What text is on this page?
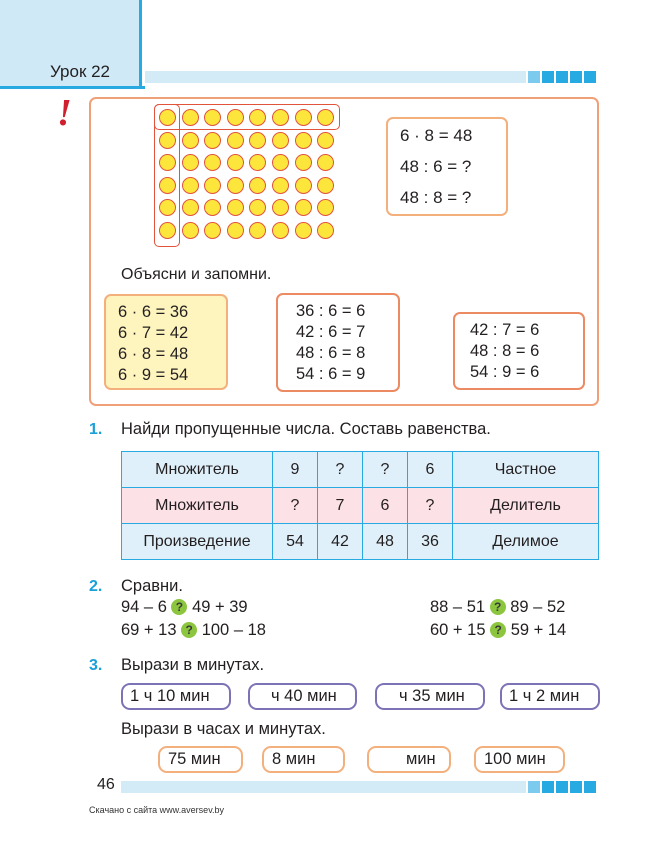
Урок 22
!
6 · 8 = 48
48 : 6 = ?
48 : 8 = ?
Объясни и запомни.
6 · 6 = 36
6 · 7 = 42
6 · 8 = 48
6 · 9 = 54
36 : 6 = 6
42 : 6 = 7
48 : 6 = 8
54 : 6 = 9
42 : 7 = 6
48 : 8 = 6
54 : 9 = 6
1. Найди пропущенные числа. Составь равенства.
Множитель	9	?	?	6	Частное
Множитель	?	7	6	?	Делитель
Произведение	54	42	48	36	Делимое
2. Сравни.
94 – 6 ? 49 + 39
69 + 13 ? 100 – 18
88 – 51 ? 89 – 52
60 + 15 ? 59 + 14
3. Вырази в минутах.
1 ч 10 мин	ч 40 мин	ч 35 мин	1 ч 2 мин
Вырази в часах и минутах.
75 мин	8 мин	мин	100 мин
46
Скачано с сайта www.aversev.by
